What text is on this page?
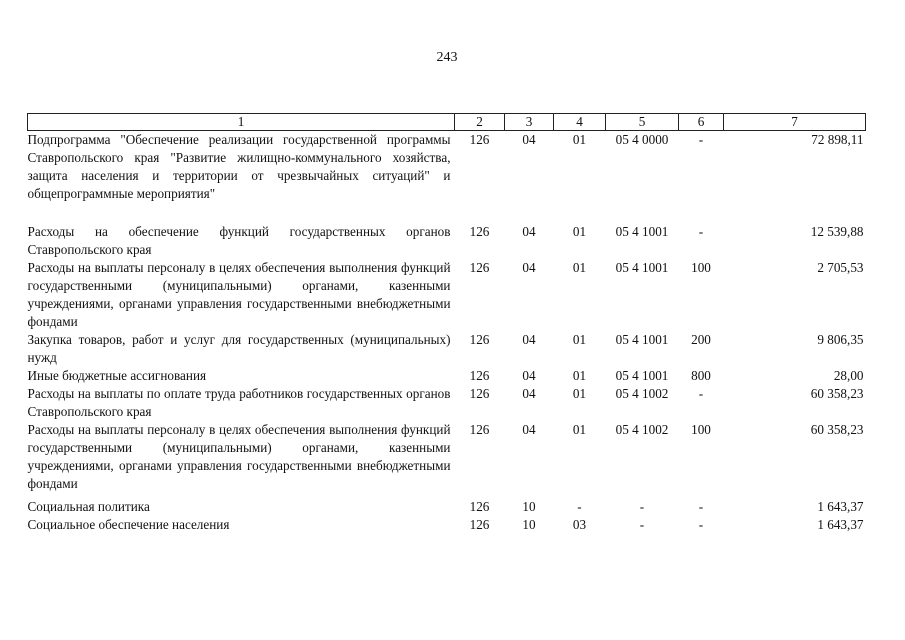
243
1	2	3	4	5	6	7
Подпрограмма "Обеспечение реализации государственной программы Ставропольского края "Развитие жилищно-коммунального хозяйства, защита населения и территории от чрезвычайных ситуаций" и общепрограммные мероприятия"	126	04	01	05 4 0000	-	72 898,11

Расходы на обеспечение функций государственных органов Ставропольского края	126	04	01	05 4 1001	-	12 539,88
Расходы на выплаты персоналу в целях обеспечения выполнения функций государственными (муниципальными) органами, казенными учреждениями, органами управления государственными внебюджетными фондами	126	04	01	05 4 1001	100	2 705,53
Закупка товаров, работ и услуг для государственных (муниципальных) нужд	126	04	01	05 4 1001	200	9 806,35
Иные бюджетные ассигнования	126	04	01	05 4 1001	800	28,00
Расходы на выплаты по оплате труда работников государственных органов Ставропольского края	126	04	01	05 4 1002	-	60 358,23
Расходы на выплаты персоналу в целях обеспечения выполнения функций государственными (муниципальными) органами, казенными учреждениями, органами управления государственными внебюджетными фондами	126	04	01	05 4 1002	100	60 358,23

Социальная политика	126	10	-	-	-	1 643,37
Социальное обеспечение населения	126	10	03	-	-	1 643,37
